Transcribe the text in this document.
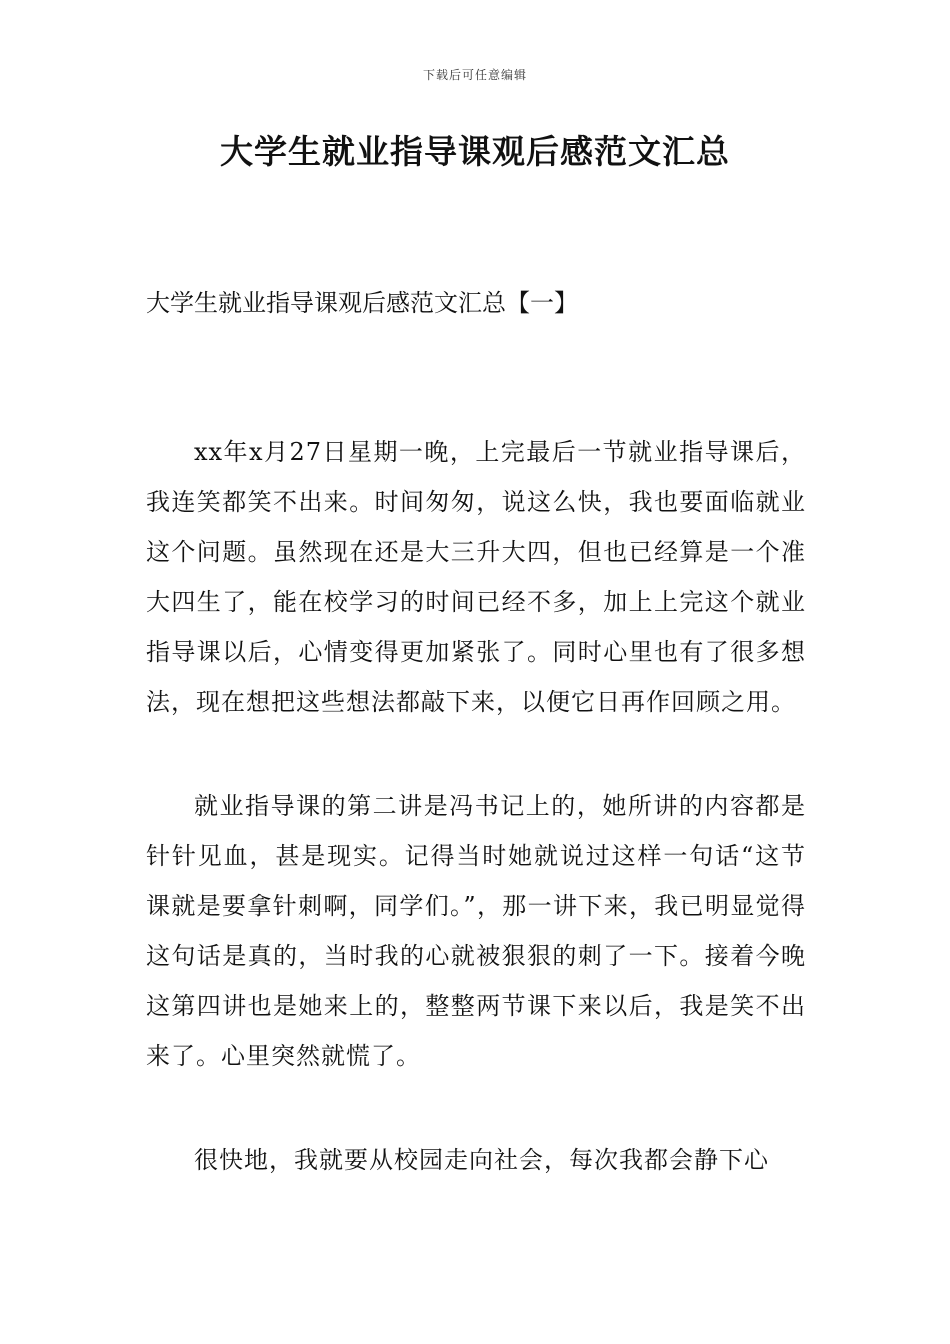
下载后可任意编辑
大学生就业指导课观后感范文汇总
大学生就业指导课观后感范文汇总【一】

xx年x月27日星期一晚，上完最后一节就业指导课后，我连笑都笑不出来。时间匆匆，说这么快，我也要面临就业这个问题。虽然现在还是大三升大四，但也已经算是一个准大四生了，能在校学习的时间已经不多，加上上完这个就业指导课以后，心情变得更加紧张了。同时心里也有了很多想法，现在想把这些想法都敲下来，以便它日再作回顾之用。

就业指导课的第二讲是冯书记上的，她所讲的内容都是针针见血，甚是现实。记得当时她就说过这样一句话“这节课就是要拿针刺啊，同学们。”，那一讲下来，我已明显觉得这句话是真的，当时我的心就被狠狠的刺了一下。接着今晚这第四讲也是她来上的，整整两节课下来以后，我是笑不出来了。心里突然就慌了。

很快地，我就要从校园走向社会，每次我都会静下心
